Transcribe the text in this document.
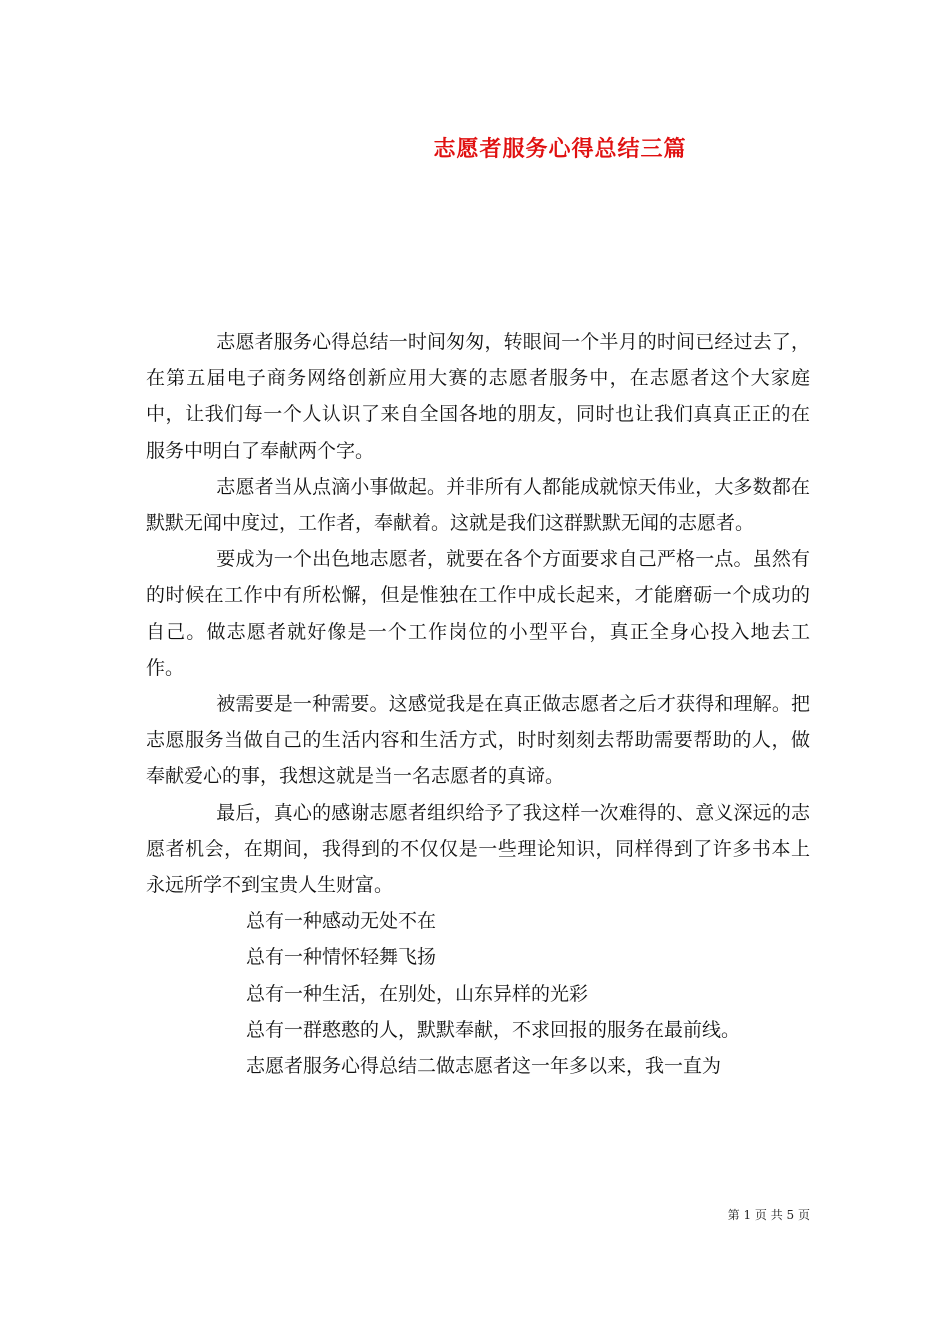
志愿者服务心得总结三篇

志愿者服务心得总结一时间匆匆，转眼间一个半月的时间已经过去了，在第五届电子商务网络创新应用大赛的志愿者服务中，在志愿者这个大家庭中，让我们每一个人认识了来自全国各地的朋友，同时也让我们真真正正的在服务中明白了奉献两个字。

志愿者当从点滴小事做起。并非所有人都能成就惊天伟业，大多数都在默默无闻中度过，工作者，奉献着。这就是我们这群默默无闻的志愿者。

要成为一个出色地志愿者，就要在各个方面要求自己严格一点。虽然有的时候在工作中有所松懈，但是惟独在工作中成长起来，才能磨砺一个成功的自己。做志愿者就好像是一个工作岗位的小型平台，真正全身心投入地去工作。

被需要是一种需要。这感觉我是在真正做志愿者之后才获得和理解。把志愿服务当做自己的生活内容和生活方式，时时刻刻去帮助需要帮助的人，做奉献爱心的事，我想这就是当一名志愿者的真谛。

最后，真心的感谢志愿者组织给予了我这样一次难得的、意义深远的志愿者机会，在期间，我得到的不仅仅是一些理论知识，同样得到了许多书本上永远所学不到宝贵人生财富。

总有一种感动无处不在

总有一种情怀轻舞飞扬

总有一种生活，在别处，山东异样的光彩

总有一群憨憨的人，默默奉献，不求回报的服务在最前线。

志愿者服务心得总结二做志愿者这一年多以来，我一直为

第 1 页 共 5 页
